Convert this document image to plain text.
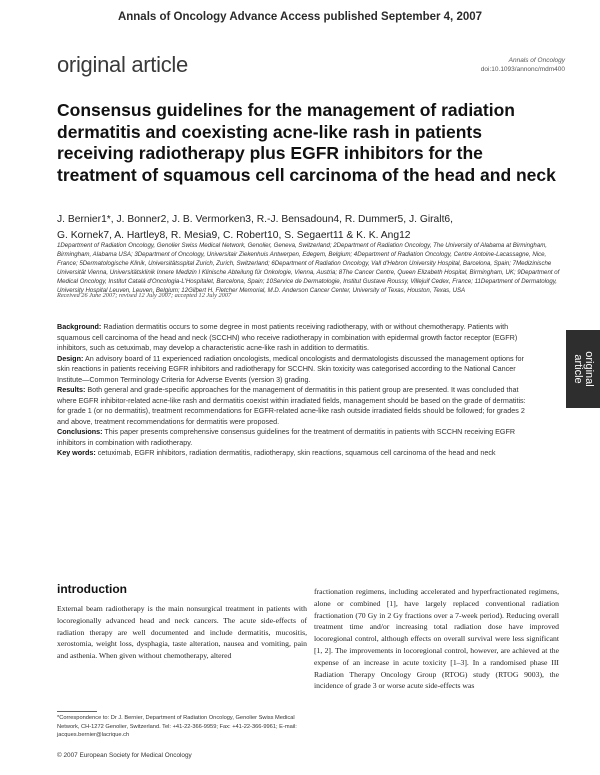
Annals of Oncology Advance Access published September 4, 2007
original article	Annals of Oncology
doi:10.1093/annonc/mdm400
Consensus guidelines for the management of radiation dermatitis and coexisting acne-like rash in patients receiving radiotherapy plus EGFR inhibitors for the treatment of squamous cell carcinoma of the head and neck
J. Bernier1*, J. Bonner2, J. B. Vermorken3, R.-J. Bensadoun4, R. Dummer5, J. Giralt6,
G. Kornek7, A. Hartley8, R. Mesia9, C. Robert10, S. Segaert11 & K. K. Ang12
1Department of Radiation Oncology, Genolier Swiss Medical Network, Genolier, Geneva, Switzerland; 2Department of Radiation Oncology, The University of Alabama at Birmingham, Birmingham, Alabama USA; 3Department of Oncology, Universitair Ziekenhuis Antwerpen, Edegem, Belgium; 4Department of Radiation Oncology, Centre Antoine-Lacassagne, Nice, France; 5Dermatologische Klinik, Universitätsspital Zurich, Zurich, Switzerland; 6Department of Radiation Oncology, Vall d'Hebron University Hospital, Barcelona, Spain; 7Medizinische Universität Vienna, Universitätsklinik Innere Medizin I Klinische Abteilung für Onkologie, Vienna, Austria; 8The Cancer Centre, Queen Elizabeth Hospital, Birmingham, UK; 9Department of Medical Oncology, Institut Catalá d'Oncologia-L'Hospitalet, Barcelona, Spain; 10Service de Dermatologie, Institut Gustave Roussy, Villejuif Cedex, France; 11Department of Dermatology, University Hospital Leuven, Leuven, Belgium; 12Gilbert H. Fletcher Memorial, M.D. Anderson Cancer Center, University of Texas, Houston, Texas, USA
Received 26 June 2007; revised 12 July 2007; accepted 12 July 2007

Background: Radiation dermatitis occurs to some degree in most patients receiving radiotherapy, with or without chemotherapy. Patients with squamous cell carcinoma of the head and neck (SCCHN) who receive radiotherapy in combination with epidermal growth factor receptor (EGFR) inhibitors, such as cetuximab, may develop a characteristic acne-like rash in addition to dermatitis.

Design: An advisory board of 11 experienced radiation oncologists, medical oncologists and dermatologists discussed the management options for skin reactions in patients receiving EGFR inhibitors and radiotherapy for SCCHN. Skin toxicity was categorised according to the National Cancer Institute—Common Terminology Criteria for Adverse Events (version 3) grading.

Results: Both general and grade-specific approaches for the management of dermatitis in this patient group are presented. It was concluded that where EGFR inhibitor-related acne-like rash and dermatitis coexist within irradiated fields, management should be based on the grade of dermatitis: for grade 1 (or no dermatitis), treatment recommendations for EGFR-related acne-like rash outside irradiated fields should be followed; for grades 2 and above, treatment recommendations for dermatitis were proposed.

Conclusions: This paper presents comprehensive consensus guidelines for the treatment of dermatitis in patients with SCCHN receiving EGFR inhibitors in combination with radiotherapy.

Key words: cetuximab, EGFR inhibitors, radiation dermatitis, radiotherapy, skin reactions, squamous cell carcinoma of the head and neck

original
article
introduction
External beam radiotherapy is the main nonsurgical treatment in patients with locoregionally advanced head and neck cancers. The acute side-effects of radiation therapy are well documented and include dermatitis, mucositis, xerostomia, weight loss, dysphagia, taste alteration, nausea and vomiting, pain and asthenia. When given without chemotherapy, altered
fractionation regimens, including accelerated and hyperfractionated regimens, alone or combined [1], have largely replaced conventional radiation fractionation (70 Gy in 2 Gy fractions over a 7-week period). Reducing overall treatment time and/or increasing total radiation dose have improved locoregional control, although effects on overall survival were less significant [1, 2]. The improvements in locoregional control, however, are achieved at the expense of an increase in acute toxicity [1–3]. In a randomised phase III Radiation Therapy Oncology Group (RTOG) study (RTOG 9003), the incidence of grade 3 or worse acute side-effects was
*Correspondence to: Dr J. Bernier, Department of Radiation Oncology, Genolier Swiss Medical Network, CH-1272 Genolier, Switzerland. Tel: +41-22-366-9959; Fax: +41-22-366-9961; E-mail: jacques.bernier@lacrique.ch
© 2007 European Society for Medical Oncology
